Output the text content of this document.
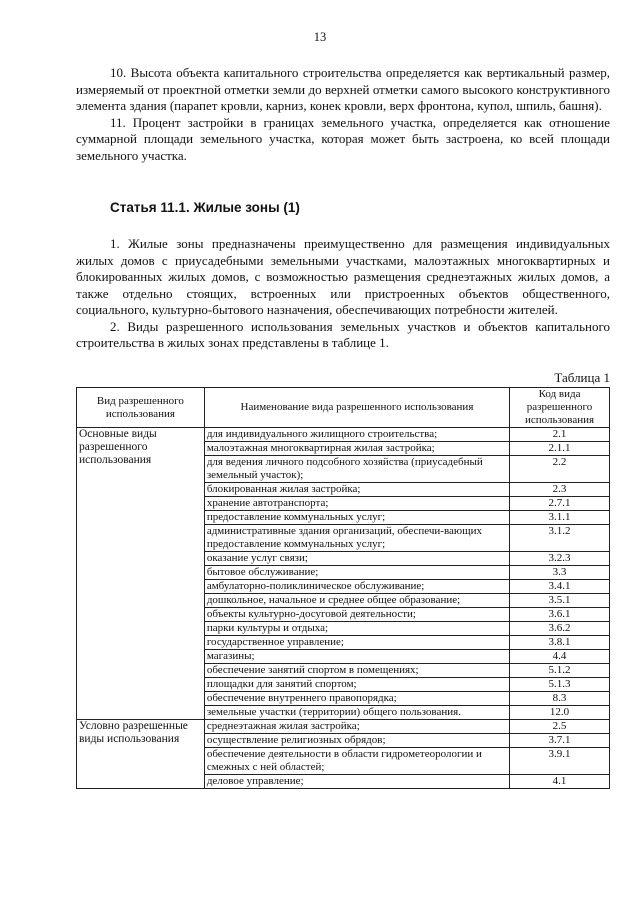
13

10. Высота объекта капитального строительства определяется как вертикальный размер, измеряемый от проектной отметки земли до верхней отметки самого высокого конструктивного элемента здания (парапет кровли, карниз, конек кровли, верх фронтона, купол, шпиль, башня).

11. Процент застройки в границах земельного участка, определяется как отношение суммарной площади земельного участка, которая может быть застроена, ко всей площади земельного участка.

Статья 11.1. Жилые зоны (1)

1. Жилые зоны предназначены преимущественно для размещения индивидуальных жилых домов с приусадебными земельными участками, малоэтажных многоквартирных и блокированных жилых домов, с возможностью размещения среднеэтажных жилых домов, а также отдельно стоящих, встроенных или пристроенных объектов общественного, социального, культурно-бытового назначения, обеспечивающих потребности жителей.

2. Виды разрешенного использования земельных участков и объектов капитального строительства в жилых зонах представлены в таблице 1.

Таблица 1
Вид разрешенного использования	Наименование вида разрешенного использования	Код вида разрешенного использования
Основные виды разрешенного использования	для индивидуального жилищного строительства;	2.1
	малоэтажная многоквартирная жилая застройка;	2.1.1
	для ведения личного подсобного хозяйства (приусадебный земельный участок);	2.2
	блокированная жилая застройка;	2.3
	хранение автотранспорта;	2.7.1
	предоставление коммунальных услуг;	3.1.1
	административные здания организаций, обеспечи-вающих предоставление коммунальных услуг;	3.1.2
	оказание услуг связи;	3.2.3
	бытовое обслуживание;	3.3
	амбулаторно-поликлиническое обслуживание;	3.4.1
	дошкольное, начальное и среднее общее образование;	3.5.1
	объекты культурно-досуговой деятельности;	3.6.1
	парки культуры и отдыха;	3.6.2
	государственное управление;	3.8.1
	магазины;	4.4
	обеспечение занятий спортом в помещениях;	5.1.2
	площадки для занятий спортом;	5.1.3
	обеспечение внутреннего правопорядка;	8.3
	земельные участки (территории) общего пользования.	12.0
Условно разрешенные виды использования	среднеэтажная жилая застройка;	2.5
	осуществление религиозных обрядов;	3.7.1
	обеспечение деятельности в области гидрометеорологии и смежных с ней областей;	3.9.1
	деловое управление;	4.1
